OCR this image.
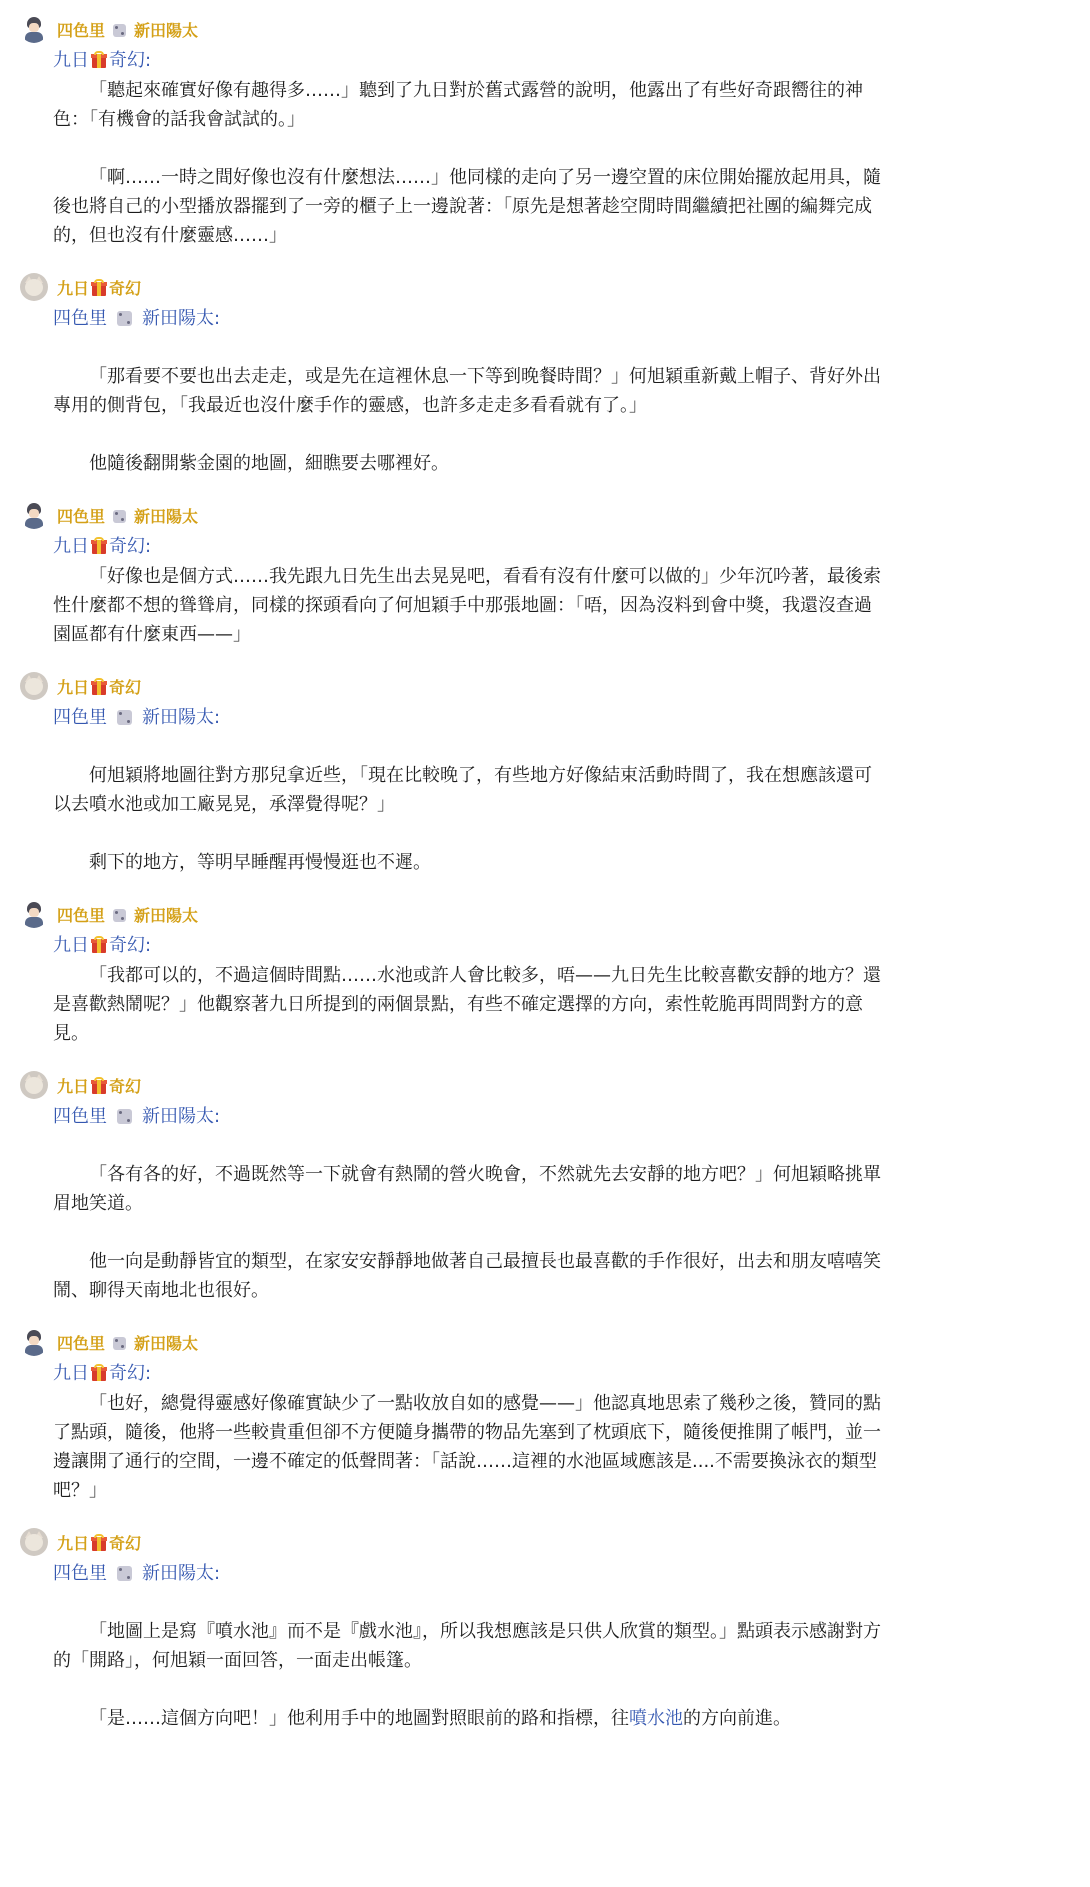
四色里 新田陽太
九日 奇幻:

「聽起來確實好像有趣得多……」聽到了九日對於舊式露營的說明，他露出了有些好奇跟嚮往的神色：「有機會的話我會試試的。」

「啊……一時之間好像也沒有什麼想法……」他同樣的走向了另一邊空置的床位開始擺放起用具，隨後也將自己的小型播放器擺到了一旁的櫃子上一邊說著：「原先是想著趁空閒時間繼續把社團的編舞完成的，但也沒有什麼靈感……」

九日 奇幻
四色里 新田陽太:

「那看要不要也出去走走，或是先在這裡休息一下等到晚餐時間？」何旭穎重新戴上帽子、背好外出專用的側背包，「我最近也沒什麼手作的靈感，也許多走走多看看就有了。」

他隨後翻開紫金園的地圖，細瞧要去哪裡好。

四色里 新田陽太
九日 奇幻:

「好像也是個方式……我先跟九日先生出去晃晃吧，看看有沒有什麼可以做的」少年沉吟著，最後索性什麼都不想的聳聳肩，同樣的探頭看向了何旭穎手中那張地圖：「唔，因為沒料到會中獎，我還沒查過園區都有什麼東西——」

九日 奇幻
四色里 新田陽太:

何旭穎將地圖往對方那兒拿近些，「現在比較晚了，有些地方好像結束活動時間了，我在想應該還可以去噴水池或加工廠晃晃，承澤覺得呢？」

剩下的地方，等明早睡醒再慢慢逛也不遲。

四色里 新田陽太
九日 奇幻:

「我都可以的，不過這個時間點……水池或許人會比較多，唔——九日先生比較喜歡安靜的地方？還是喜歡熱鬧呢？」他觀察著九日所提到的兩個景點，有些不確定選擇的方向，索性乾脆再問問對方的意見。

九日 奇幻
四色里 新田陽太:

「各有各的好，不過既然等一下就會有熱鬧的營火晚會，不然就先去安靜的地方吧？」何旭穎略挑單眉地笑道。

他一向是動靜皆宜的類型，在家安安靜靜地做著自己最擅長也最喜歡的手作很好，出去和朋友嘻嘻笑鬧、聊得天南地北也很好。

四色里 新田陽太
九日 奇幻:

「也好，總覺得靈感好像確實缺少了一點收放自如的感覺——」他認真地思索了幾秒之後，贊同的點了點頭，隨後，他將一些較貴重但卻不方便隨身攜帶的物品先塞到了枕頭底下，隨後便推開了帳門，並一邊讓開了通行的空間，一邊不確定的低聲問著：「話說……這裡的水池區域應該是....不需要換泳衣的類型吧？」

九日 奇幻
四色里 新田陽太:

「地圖上是寫『噴水池』而不是『戲水池』，所以我想應該是只供人欣賞的類型。」點頭表示感謝對方的「開路」，何旭穎一面回答，一面走出帳篷。

「是……這個方向吧！」他利用手中的地圖對照眼前的路和指標，往噴水池的方向前進。
